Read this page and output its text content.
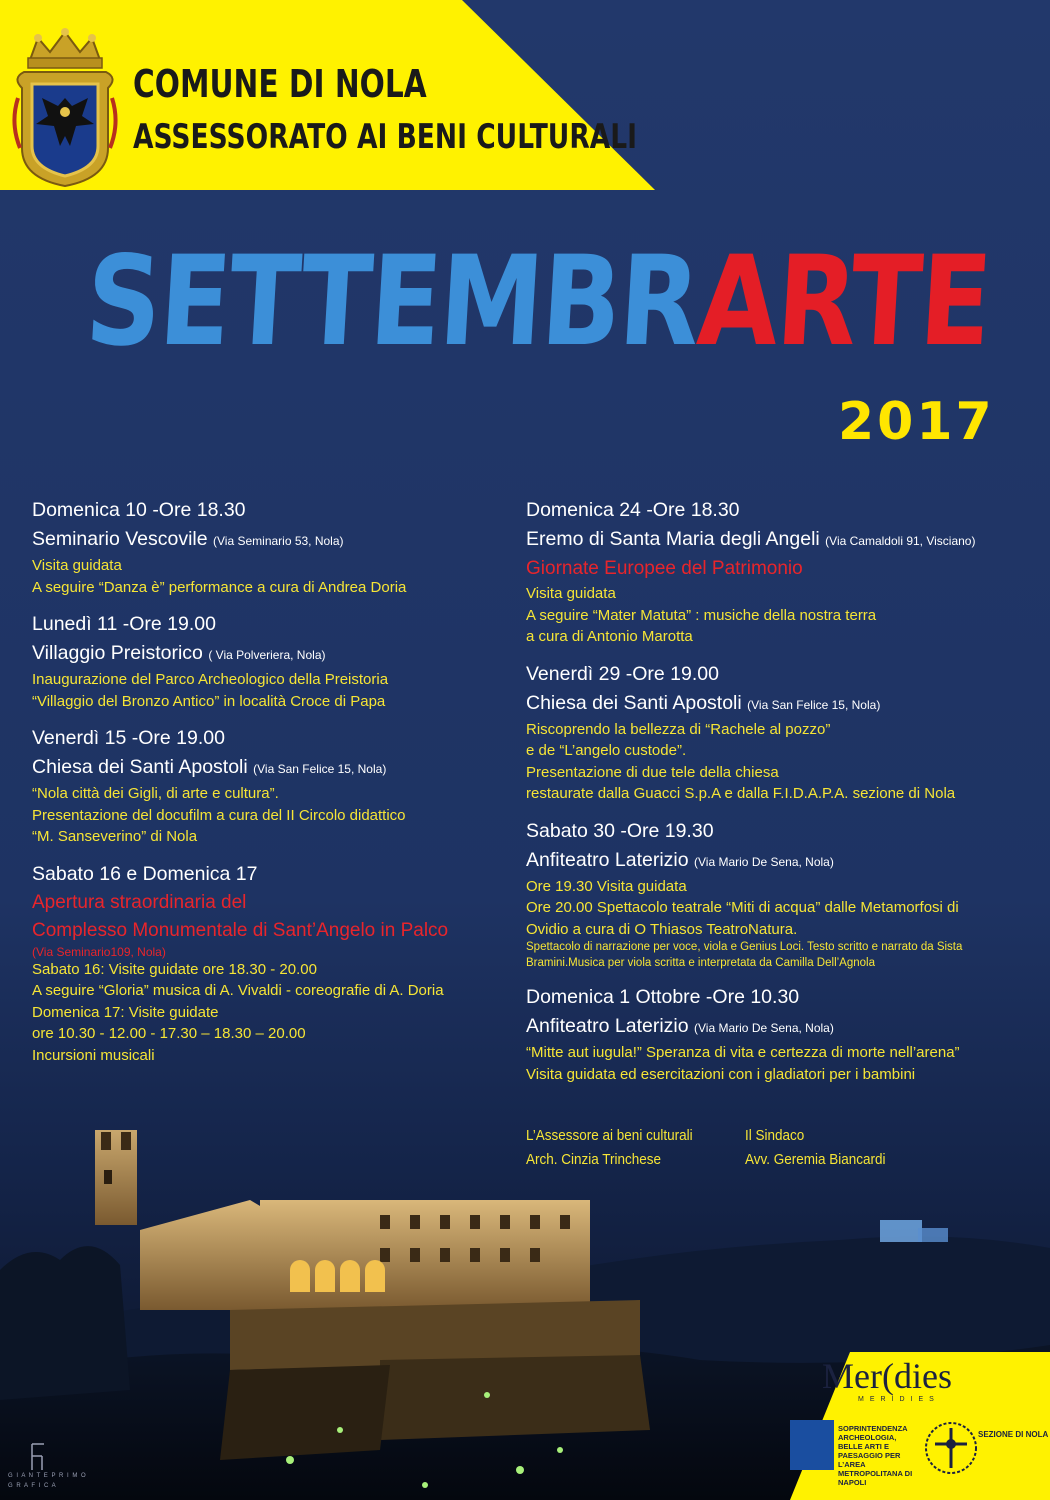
COMUNE DI NOLA
ASSESSORATO AI BENI CULTURALI
SETTEMBRARTE
2017
Domenica 10 -Ore 18.30
Seminario Vescovile (Via Seminario 53, Nola)
Visita guidata
A seguire “Danza è” performance a cura di Andrea Doria
Lunedì 11 -Ore 19.00
Villaggio Preistorico ( Via Polveriera, Nola)
Inaugurazione del Parco Archeologico della Preistoria
“Villaggio del Bronzo Antico” in località Croce di Papa
Venerdì 15 -Ore 19.00
Chiesa dei Santi Apostoli (Via San Felice 15, Nola)
“Nola città dei Gigli, di arte e cultura”.
Presentazione del docufilm a cura del II Circolo didattico
“M. Sanseverino” di Nola
Sabato 16 e Domenica 17
Apertura straordinaria del
Complesso Monumentale di Sant’Angelo in Palco
(Via Seminario109, Nola)
Sabato 16: Visite guidate ore 18.30 - 20.00
A seguire “Gloria” musica di A. Vivaldi - coreografie di A. Doria
Domenica 17: Visite guidate
ore 10.30 - 12.00 - 17.30 – 18.30 – 20.00
Incursioni musicali
Domenica 24 -Ore 18.30
Eremo di Santa Maria degli Angeli (Via Camaldoli 91, Visciano)
Giornate Europee del Patrimonio
Visita guidata
A seguire “Mater Matuta” : musiche della nostra terra
a cura di Antonio Marotta
Venerdì 29 -Ore 19.00
Chiesa dei Santi Apostoli (Via San Felice 15, Nola)
Riscoprendo la bellezza di “Rachele al pozzo”
e de “L’angelo custode”.
Presentazione di due tele della chiesa
restaurate dalla Guacci S.p.A e dalla F.I.D.A.P.A. sezione di Nola
Sabato 30 -Ore 19.30
Anfiteatro Laterizio (Via Mario De Sena, Nola)
Ore 19.30 Visita guidata
Ore 20.00 Spettacolo teatrale “Miti di acqua” dalle Metamorfosi di
Ovidio a cura di O Thiasos TeatroNatura.
Spettacolo di narrazione per voce, viola e Genius Loci. Testo scritto e narrato da Sista
Bramini.Musica per viola scritta e interpretata da Camilla Dell’Agnola
Domenica 1 Ottobre -Ore 10.30
Anfiteatro Laterizio (Via Mario De Sena, Nola)
“Mitte aut iugula!” Speranza di vita e certezza di morte nell’arena”
Visita guidata ed esercitazioni con i gladiatori per i bambini
L’Assessore ai beni culturali
Arch. Cinzia Trinchese
Il Sindaco
Avv. Geremia Biancardi
Mer(dies
MERIDIES
SOPRINTENDENZA ARCHEOLOGIA, BELLE ARTI E PAESAGGIO PER L’AREA METROPOLITANA DI NAPOLI
SEZIONE DI NOLA
G I A N T E P R I M O
G R A F I C A
